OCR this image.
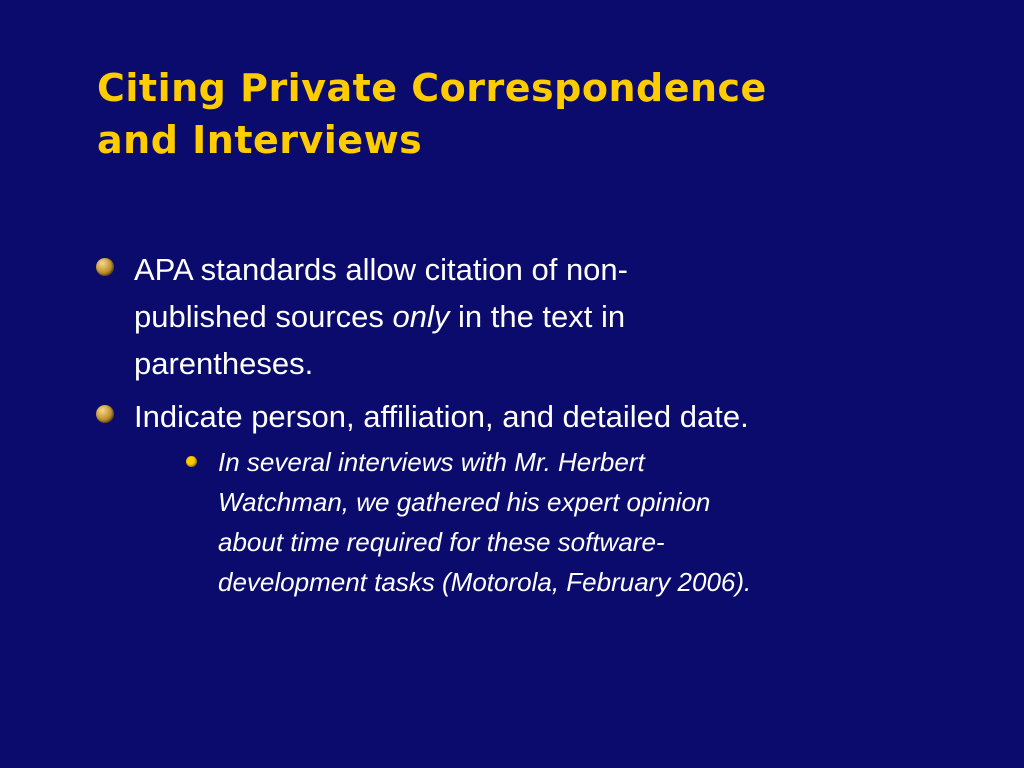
Citing Private Correspondence
and Interviews
APA standards allow citation of non-
published sources only in the text in
parentheses.
Indicate person, affiliation, and detailed date.
In several interviews with Mr. Herbert
Watchman, we gathered his expert opinion
about time required for these software-
development tasks (Motorola, February 2006).
